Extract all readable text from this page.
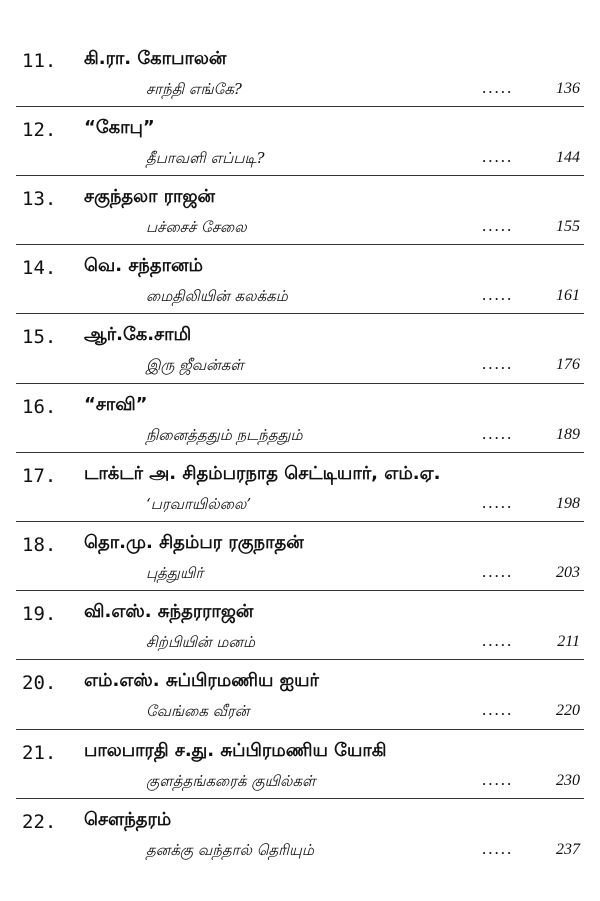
11. கி.ரா. கோபாலன்
சாந்தி எங்கே?	.....	136
12. “கோபு”
தீபாவளி எப்படி?	.....	144
13. சகுந்தலா ராஜன்
பச்சைச் சேலை	.....	155
14. வெ. சந்தானம்
மைதிலியின் கலக்கம்	.....	161
15. ஆர்.கே.சாமி
இரு ஜீவன்கள்	.....	176
16. “சாவி”
நினைத்ததும் நடந்ததும்	.....	189
17. டாக்டர் அ. சிதம்பரநாத செட்டியார், எம்.ஏ.
‘பரவாயில்லை’	.....	198
18. தொ.மு. சிதம்பர ரகுநாதன்
புத்துயிர்	.....	203
19. வி.எஸ். சுந்தரராஜன்
சிற்பியின் மனம்	.....	211
20. எம்.எஸ். சுப்பிரமணிய ஐயர்
வேங்கை வீரன்	.....	220
21. பாலபாரதி ச.து. சுப்பிரமணிய யோகி
குளத்தங்கரைக் குயில்கள்	.....	230
22. சௌந்தரம்
தனக்கு வந்தால் தெரியும்	.....	237
